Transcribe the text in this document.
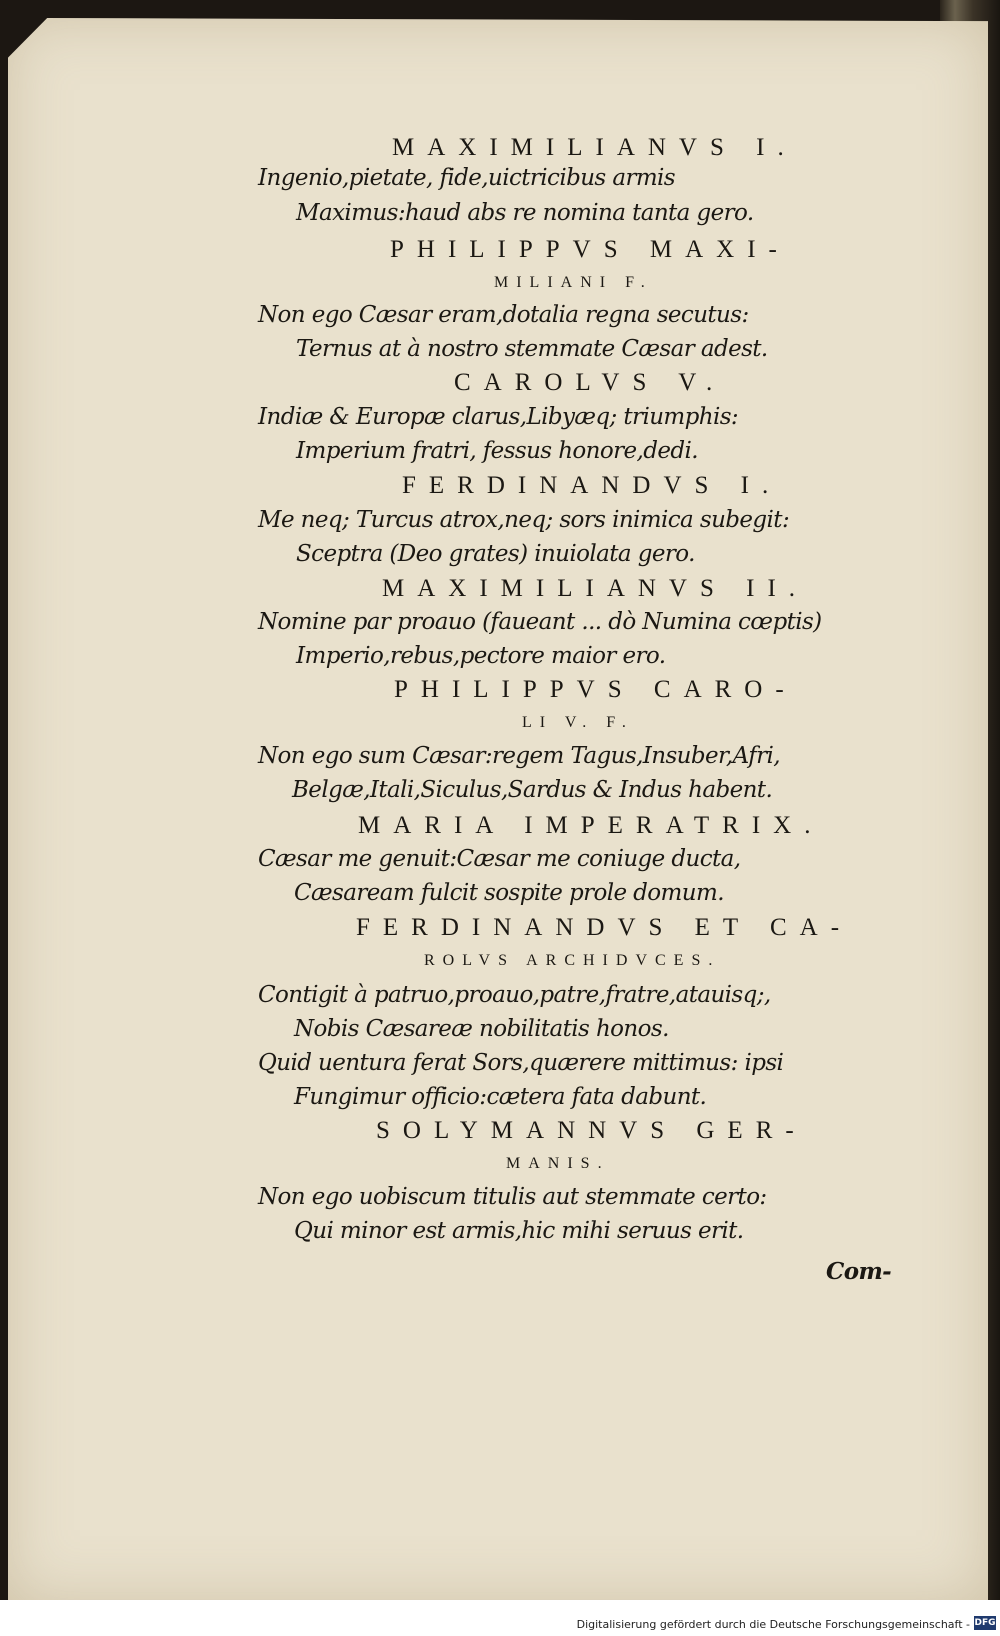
MAXIMILIANVS I.
Ingenio,pietate, fide,uictricibus armis
Maximus:haud abs re nomina tanta gero.
PHILIPPVS MAXI-
MILIANI F.
Non ego Cæsar eram,dotalia regna secutus:
Ternus at à nostro stemmate Cæsar adest.
CAROLVS V.
Indiæ & Europæ clarus,Libyæq; triumphis:
Imperium fratri, fessus honore,dedi.
FERDINANDVS I.
Me neq; Turcus atrox,neq; sors inimica subegit:
Sceptra (Deo grates) inuiolata gero.
MAXIMILIANVS II.
Nomine par proauo (faueant ... dò Numina cœptis)
Imperio,rebus,pectore maior ero.
PHILIPPVS CARO-
LI V. F.
Non ego sum Cæsar:regem Tagus,Insuber,Afri,
Belgæ,Itali,Siculus,Sardus & Indus habent.
MARIA IMPERATRIX.
Cæsar me genuit:Cæsar me coniuge ducta,
Cæsaream fulcit sospite prole domum.
FERDINANDVS ET CA-
ROLVS ARCHIDVCES.
Contigit à patruo,proauo,patre,fratre,atauisq;,
Nobis Cæsareæ nobilitatis honos.
Quid uentura ferat Sors,quærere mittimus: ipsi
Fungimur officio:cætera fata dabunt.
SOLYMANNVS GER-
MANIS.
Non ego uobiscum titulis aut stemmate certo:
Qui minor est armis,hic mihi seruus erit.
Com-
Digitalisierung gefördert durch die Deutsche Forschungsgemeinschaft - DFG
